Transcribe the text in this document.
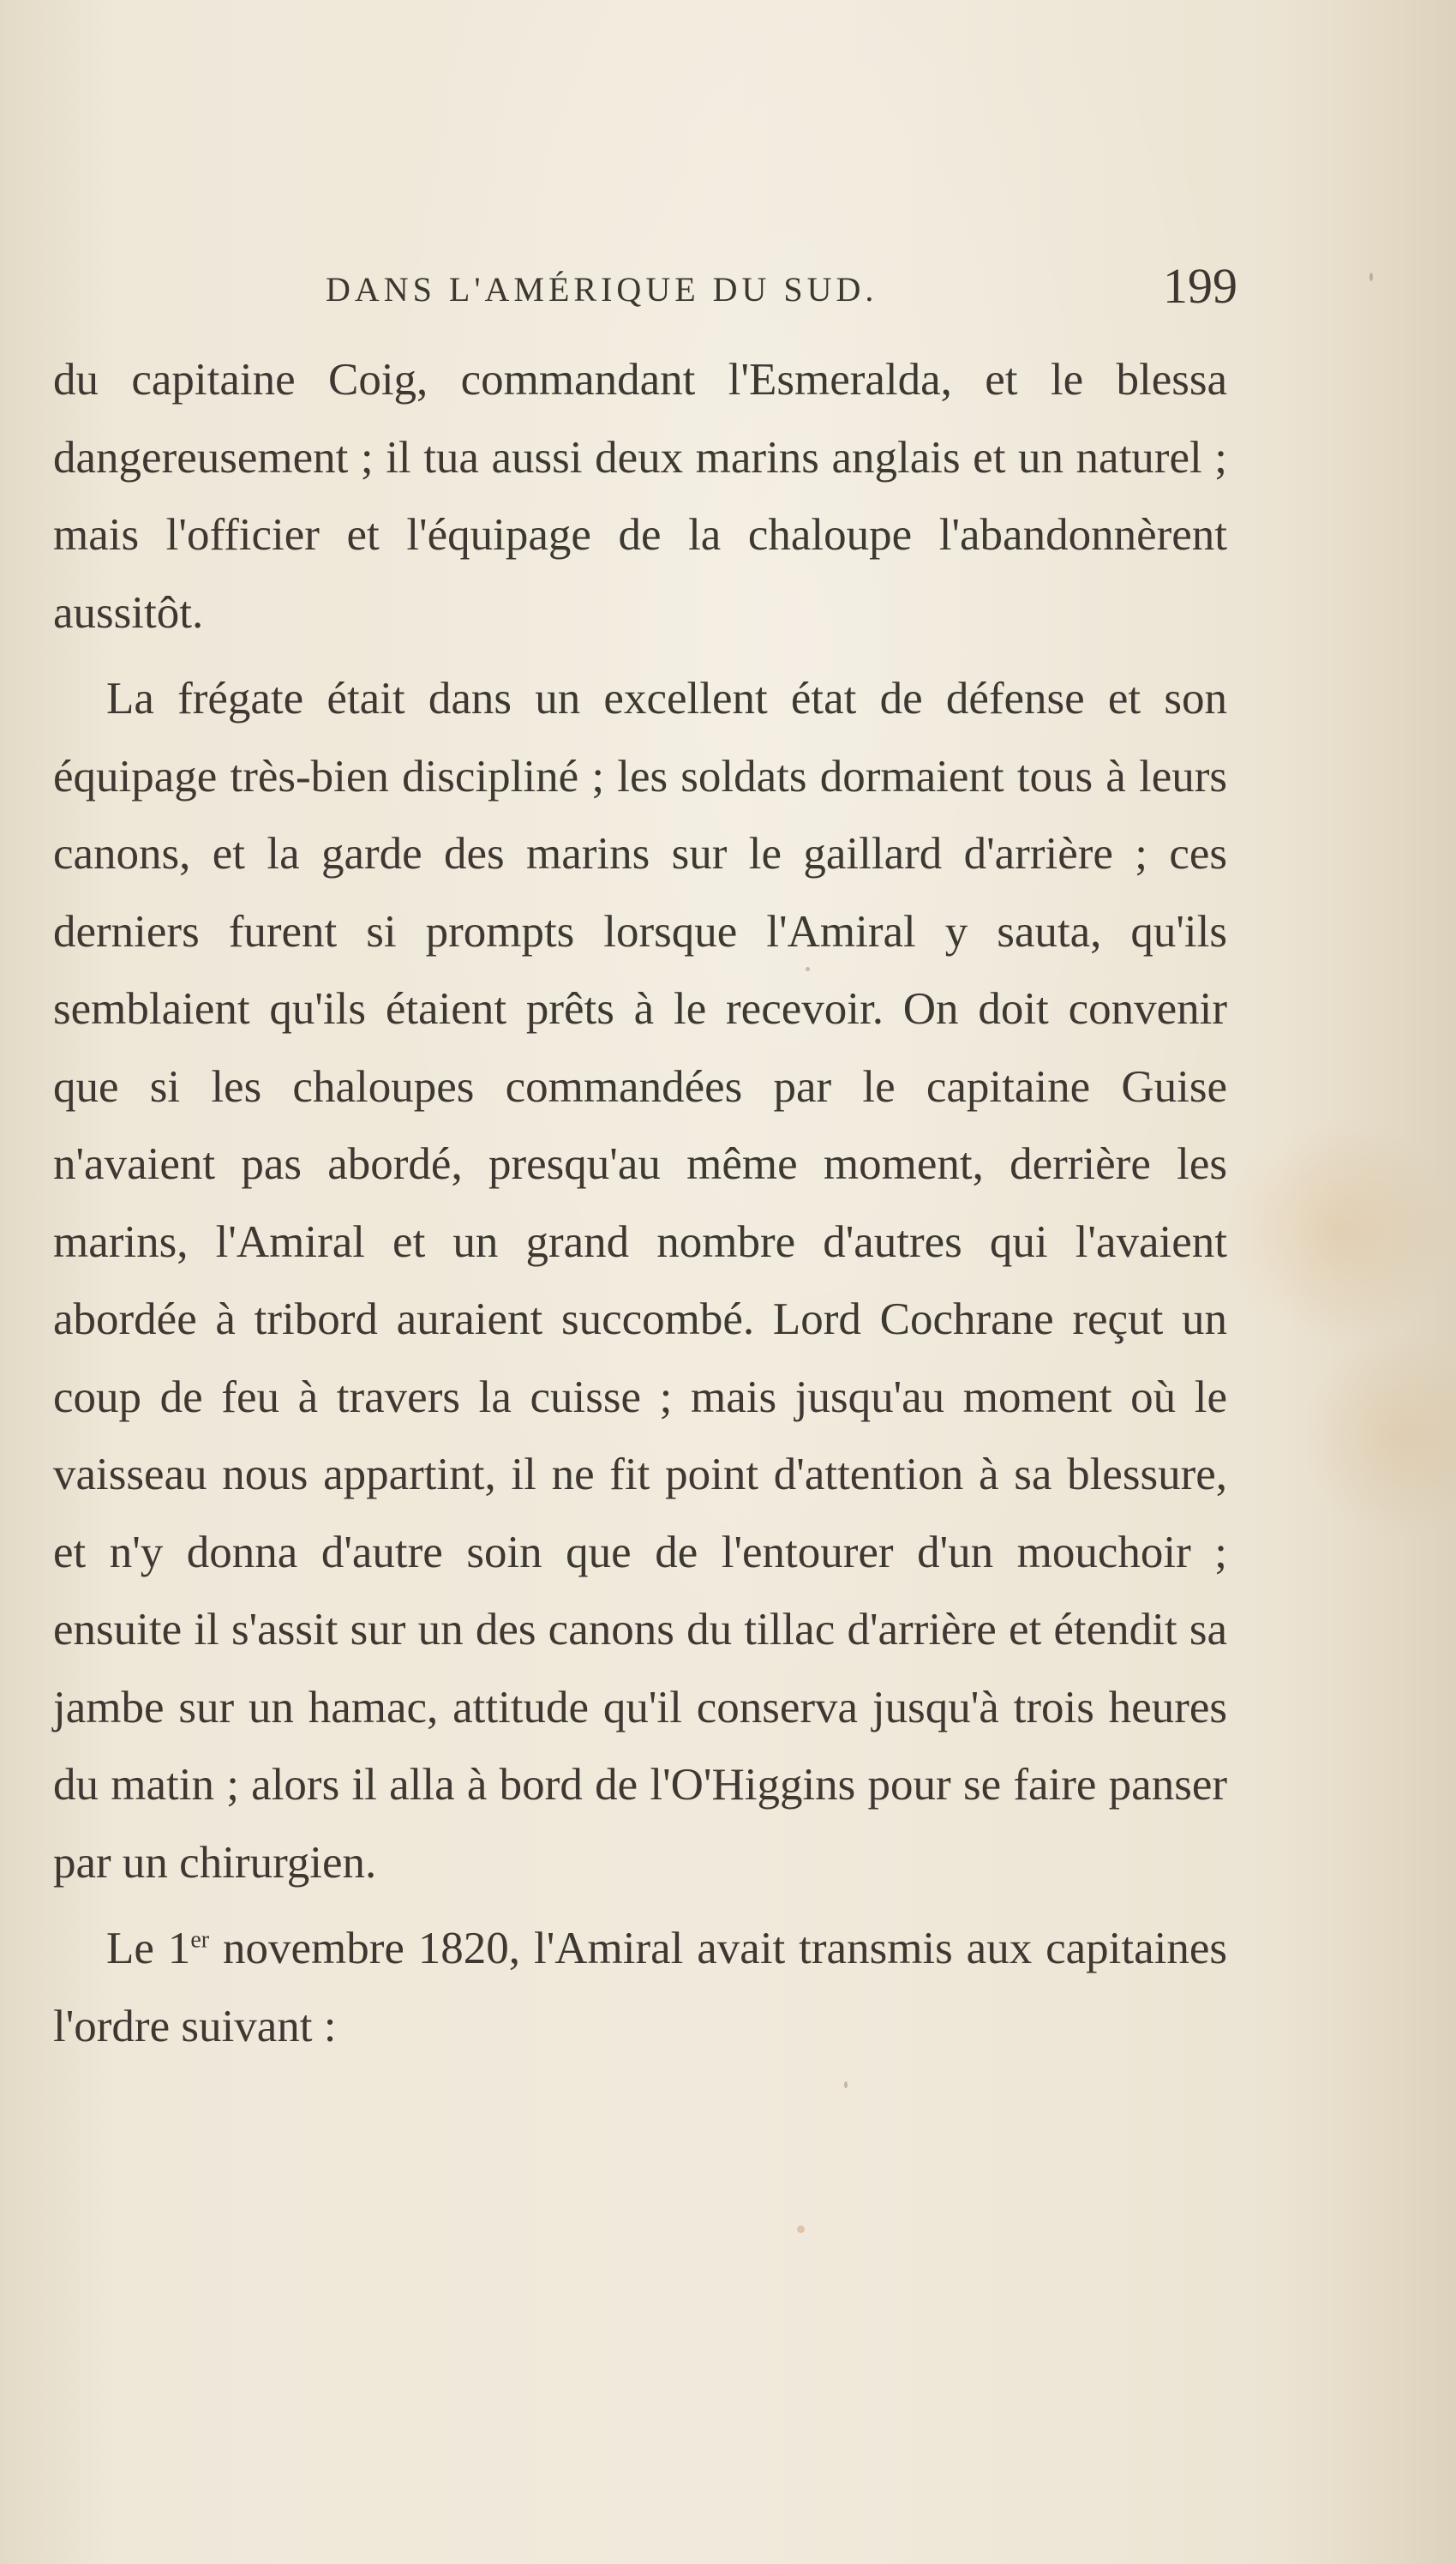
DANS L'AMÉRIQUE DU SUD.	199

du capitaine Coig, commandant l'Esmeralda, et le blessa dangereusement ; il tua aussi deux marins anglais et un naturel ; mais l'officier et l'équipage de la chaloupe l'abandonnèrent aussitôt.

La frégate était dans un excellent état de défense et son équipage très-bien discipliné ; les soldats dormaient tous à leurs canons, et la garde des marins sur le gaillard d'arrière ; ces derniers furent si prompts lorsque l'Amiral y sauta, qu'ils semblaient qu'ils étaient prêts à le recevoir. On doit convenir que si les chaloupes commandées par le capitaine Guise n'avaient pas abordé, presqu'au même moment, derrière les marins, l'Amiral et un grand nombre d'autres qui l'avaient abordée à tribord auraient succombé. Lord Cochrane reçut un coup de feu à travers la cuisse ; mais jusqu'au moment où le vaisseau nous appartint, il ne fit point d'attention à sa blessure, et n'y donna d'autre soin que de l'entourer d'un mouchoir ; ensuite il s'assit sur un des canons du tillac d'arrière et étendit sa jambe sur un hamac, attitude qu'il conserva jusqu'à trois heures du matin ; alors il alla à bord de l'O'Higgins pour se faire panser par un chirurgien.

Le 1er novembre 1820, l'Amiral avait transmis aux capitaines l'ordre suivant :
